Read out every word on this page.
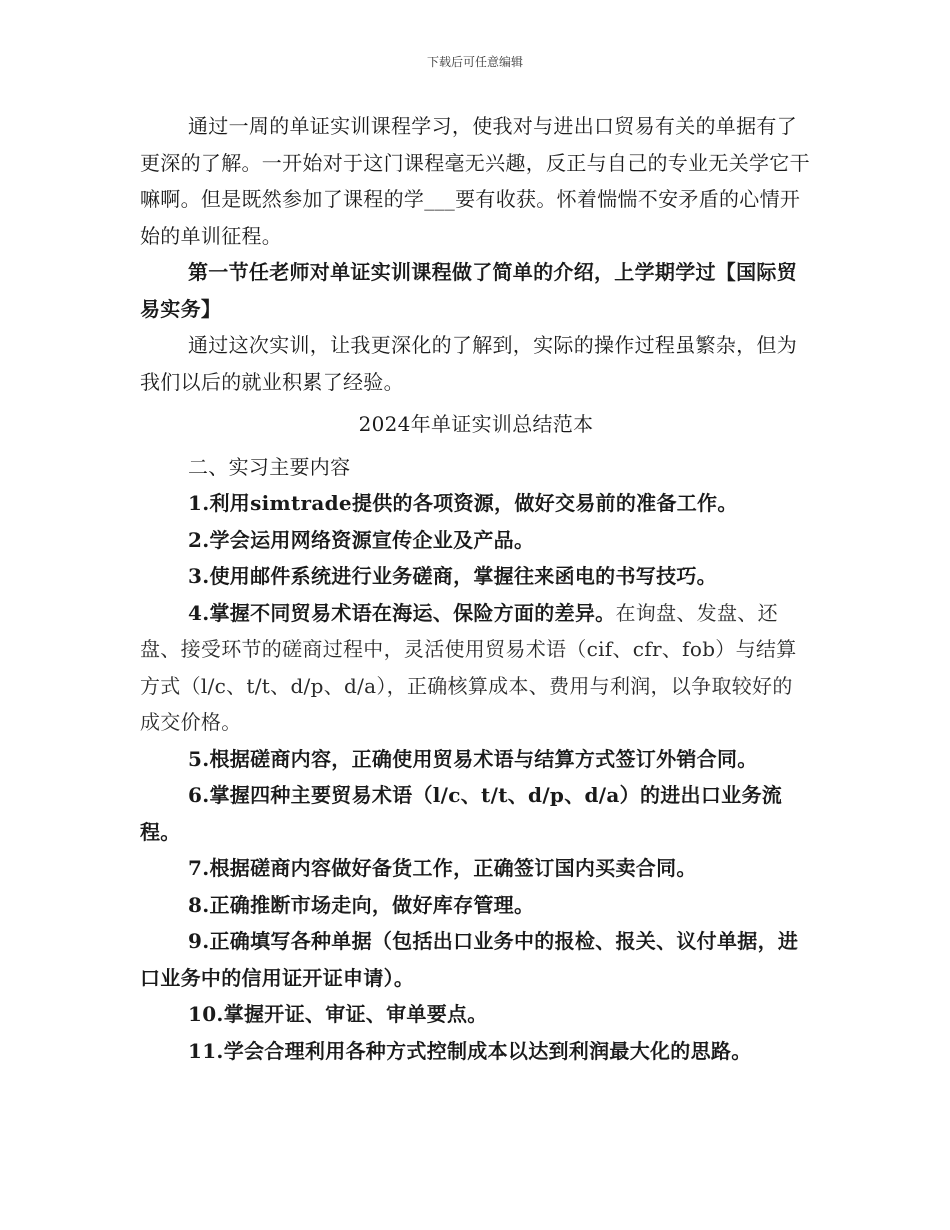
下载后可任意编辑

通过一周的单证实训课程学习，使我对与进出口贸易有关的单据有了更深的了解。一开始对于这门课程毫无兴趣，反正与自己的专业无关学它干嘛啊。但是既然参加了课程的学___要有收获。怀着惴惴不安矛盾的心情开始的单训征程。

第一节任老师对单证实训课程做了简单的介绍，上学期学过【国际贸易实务】

通过这次实训，让我更深化的了解到，实际的操作过程虽繁杂，但为我们以后的就业积累了经验。

2024年单证实训总结范本

二、实习主要内容

1.利用simtrade提供的各项资源，做好交易前的准备工作。

2.学会运用网络资源宣传企业及产品。

3.使用邮件系统进行业务磋商，掌握往来函电的书写技巧。

4.掌握不同贸易术语在海运、保险方面的差异。在询盘、发盘、还盘、接受环节的磋商过程中，灵活使用贸易术语（cif、cfr、fob）与结算方式（l/c、t/t、d/p、d/a），正确核算成本、费用与利润，以争取较好的成交价格。

5.根据磋商内容，正确使用贸易术语与结算方式签订外销合同。

6.掌握四种主要贸易术语（l/c、t/t、d/p、d/a）的进出口业务流程。

7.根据磋商内容做好备货工作，正确签订国内买卖合同。

8.正确推断市场走向，做好库存管理。

9.正确填写各种单据（包括出口业务中的报检、报关、议付单据，进口业务中的信用证开证申请）。

10.掌握开证、审证、审单要点。

11.学会合理利用各种方式控制成本以达到利润最大化的思路。
